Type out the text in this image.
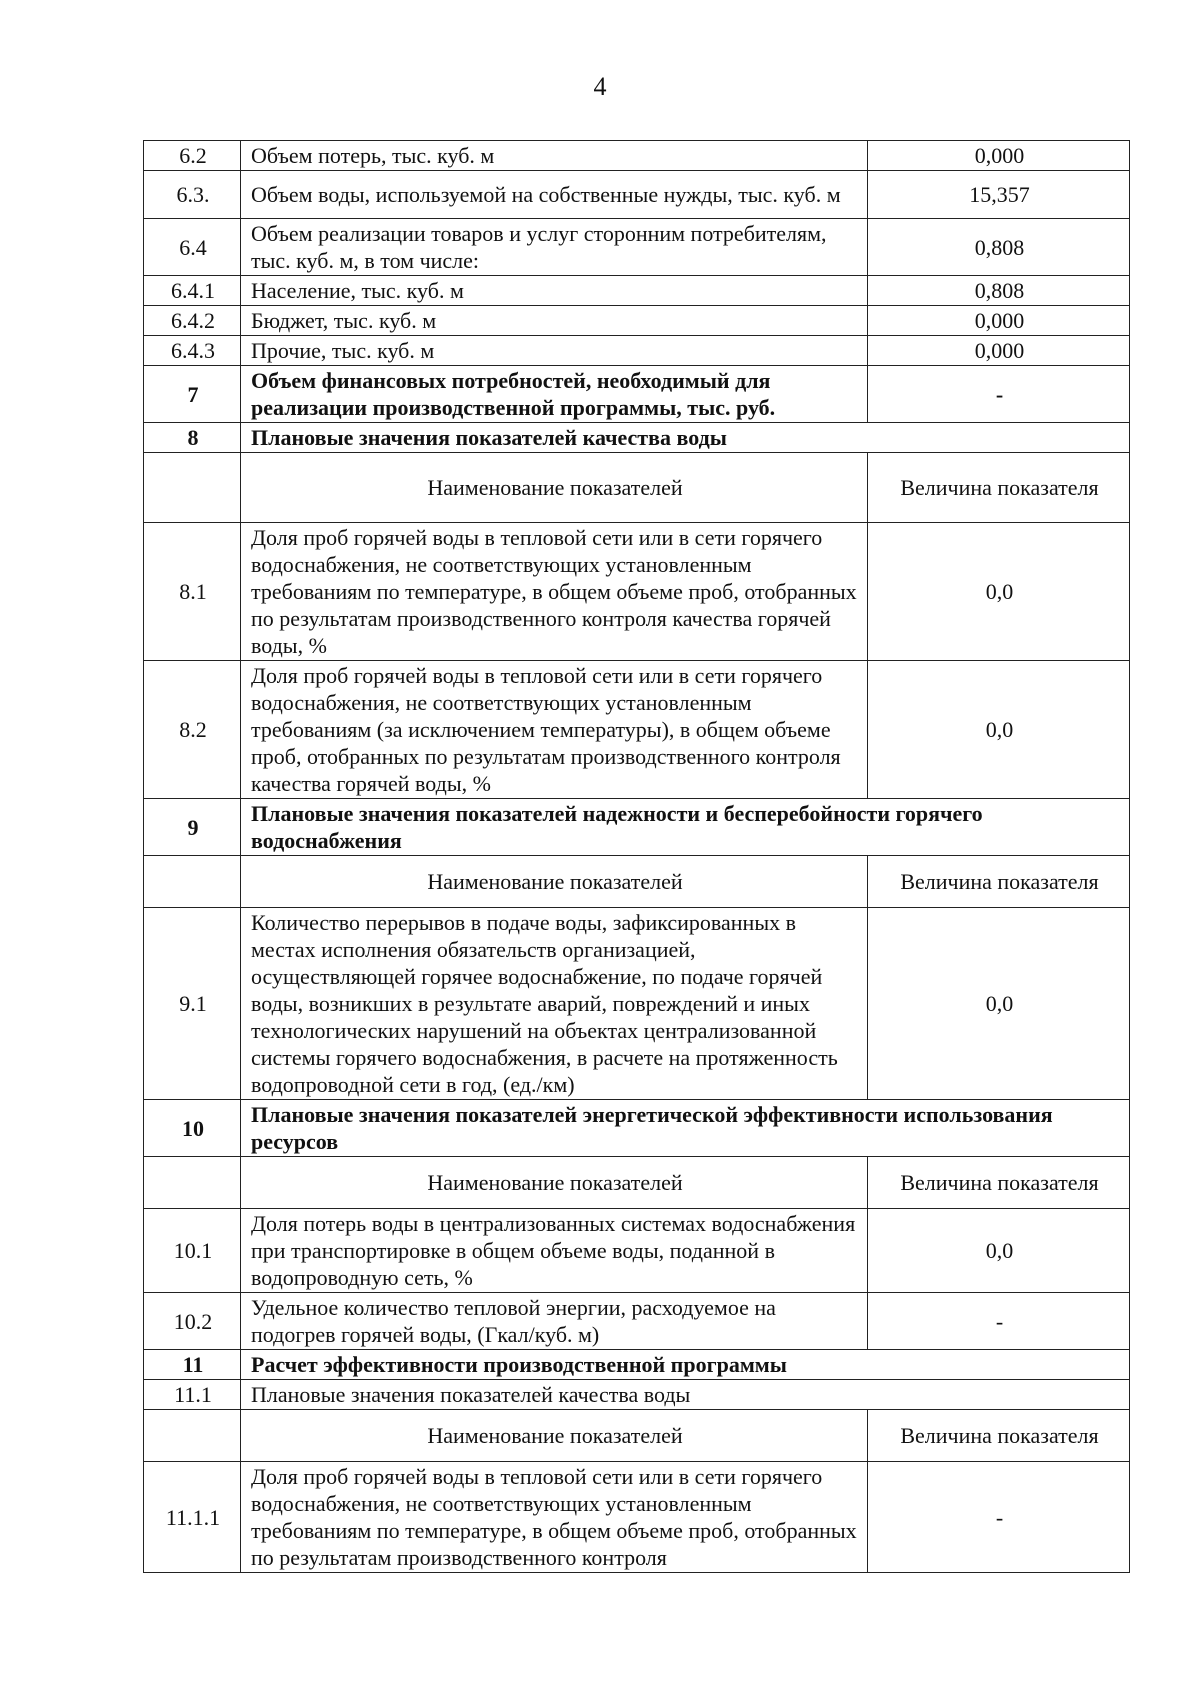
4
6.2	Объем потерь, тыс. куб. м	0,000
6.3.	Объем воды, используемой на собственные нужды, тыс. куб. м	15,357
6.4	Объем реализации товаров и услуг сторонним потребителям, тыс. куб. м, в том числе:	0,808
6.4.1	Население, тыс. куб. м	0,808
6.4.2	Бюджет, тыс. куб. м	0,000
6.4.3	Прочие, тыс. куб. м	0,000
7	Объем финансовых потребностей, необходимый для реализации производственной программы, тыс. руб.	-
8	Плановые значения показателей качества воды	
	Наименование показателей	Величина показателя
8.1	Доля проб горячей воды в тепловой сети или в сети горячего водоснабжения, не соответствующих установленным требованиям по температуре, в общем объеме проб, отобранных по результатам производственного контроля качества горячей воды, %	0,0
8.2	Доля проб горячей воды в тепловой сети или в сети горячего водоснабжения, не соответствующих установленным требованиям (за исключением температуры), в общем объеме проб, отобранных по результатам производственного контроля качества горячей воды, %	0,0
9	Плановые значения показателей надежности и бесперебойности горячего водоснабжения	
	Наименование показателей	Величина показателя
9.1	Количество перерывов в подаче воды, зафиксированных в местах исполнения обязательств организацией, осуществляющей горячее водоснабжение, по подаче горячей воды, возникших в результате аварий, повреждений и иных технологических нарушений на объектах централизованной системы горячего водоснабжения, в расчете на протяженность водопроводной сети в год, (ед./км)	0,0
10	Плановые значения показателей энергетической эффективности использования ресурсов	
	Наименование показателей	Величина показателя
10.1	Доля потерь воды в централизованных системах водоснабжения при транспортировке в общем объеме воды, поданной в водопроводную сеть, %	0,0
10.2	Удельное количество тепловой энергии, расходуемое на подогрев горячей воды, (Гкал/куб. м)	-
11	Расчет эффективности производственной программы	
11.1	Плановые значения показателей качества воды	
	Наименование показателей	Величина показателя
11.1.1	Доля проб горячей воды в тепловой сети или в сети горячего водоснабжения, не соответствующих установленным требованиям по температуре, в общем объеме проб, отобранных по результатам производственного контроля	-
